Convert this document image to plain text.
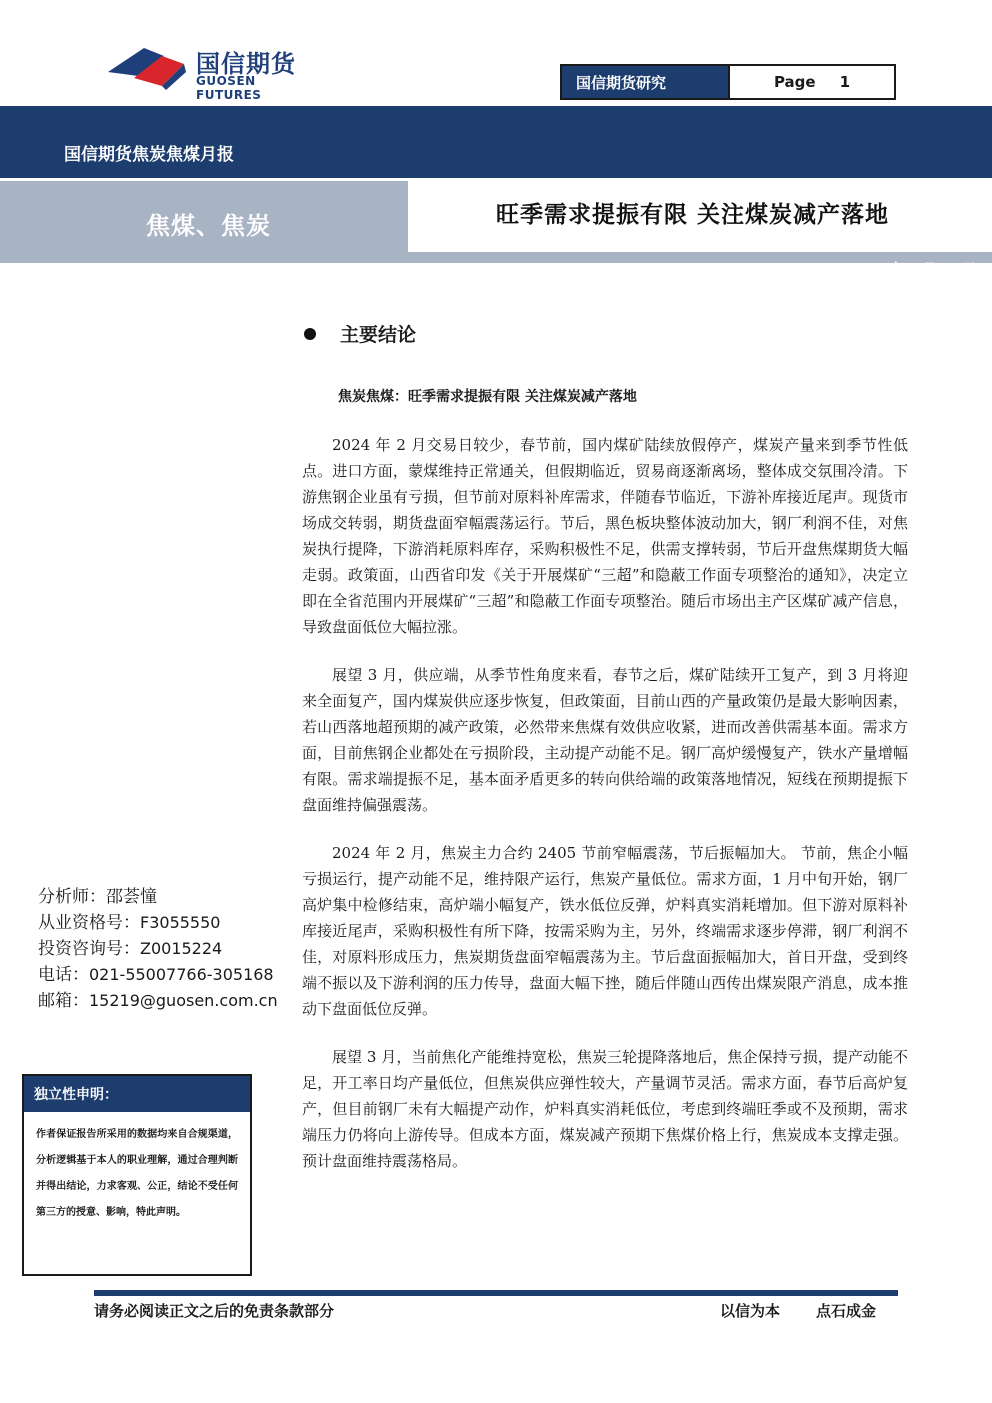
国信期货
GUOSEN FUTURES
国信期货研究	Page 1
国信期货焦炭焦煤月报
焦煤、焦炭	旺季需求提振有限 关注煤炭减产落地
2023 年 2 月 25 日
主要结论
焦炭焦煤：旺季需求提振有限 关注煤炭减产落地

2024 年 2 月交易日较少，春节前，国内煤矿陆续放假停产，煤炭产量来到季节性低点。进口方面，蒙煤维持正常通关，但假期临近，贸易商逐渐离场，整体成交氛围冷清。下游焦钢企业虽有亏损，但节前对原料补库需求，伴随春节临近，下游补库接近尾声。现货市场成交转弱，期货盘面窄幅震荡运行。节后，黑色板块整体波动加大，钢厂利润不佳，对焦炭执行提降，下游消耗原料库存，采购积极性不足，供需支撑转弱，节后开盘焦煤期货大幅走弱。政策面，山西省印发《关于开展煤矿“三超”和隐蔽工作面专项整治的通知》，决定立即在全省范围内开展煤矿“三超”和隐蔽工作面专项整治。随后市场出主产区煤矿减产信息，导致盘面低位大幅拉涨。

展望 3 月，供应端，从季节性角度来看，春节之后，煤矿陆续开工复产，到 3 月将迎来全面复产，国内煤炭供应逐步恢复，但政策面，目前山西的产量政策仍是最大影响因素，若山西落地超预期的减产政策，必然带来焦煤有效供应收紧，进而改善供需基本面。需求方面，目前焦钢企业都处在亏损阶段，主动提产动能不足。钢厂高炉缓慢复产，铁水产量增幅有限。需求端提振不足，基本面矛盾更多的转向供给端的政策落地情况，短线在预期提振下盘面维持偏强震荡。

2024 年 2 月，焦炭主力合约 2405 节前窄幅震荡，节后振幅加大。 节前，焦企小幅亏损运行，提产动能不足，维持限产运行，焦炭产量低位。需求方面，1 月中旬开始，钢厂高炉集中检修结束，高炉端小幅复产，铁水低位反弹，炉料真实消耗增加。但下游对原料补库接近尾声，采购积极性有所下降，按需采购为主，另外，终端需求逐步停滞，钢厂利润不佳，对原料形成压力，焦炭期货盘面窄幅震荡为主。节后盘面振幅加大，首日开盘，受到终端不振以及下游利润的压力传导，盘面大幅下挫，随后伴随山西传出煤炭限产消息，成本推动下盘面低位反弹。

展望 3 月，当前焦化产能维持宽松，焦炭三轮提降落地后，焦企保持亏损，提产动能不足，开工率日均产量低位，但焦炭供应弹性较大，产量调节灵活。需求方面，春节后高炉复产，但目前钢厂未有大幅提产动作，炉料真实消耗低位，考虑到终端旺季或不及预期，需求端压力仍将向上游传导。但成本方面，煤炭减产预期下焦煤价格上行，焦炭成本支撑走强。预计盘面维持震荡格局。

分析师：邵荟憧
从业资格号：F3055550
投资咨询号：Z0015224
电话：021-55007766-305168
邮箱：15219@guosen.com.cn
独立性申明：
作者保证报告所采用的数据均来自合规渠道，分析逻辑基于本人的职业理解，通过合理判断 并得出结论，力求客观、公正，结论不受任何第三方的授意、影响，特此声明。
请务必阅读正文之后的免责条款部分	以信为本 点石成金
